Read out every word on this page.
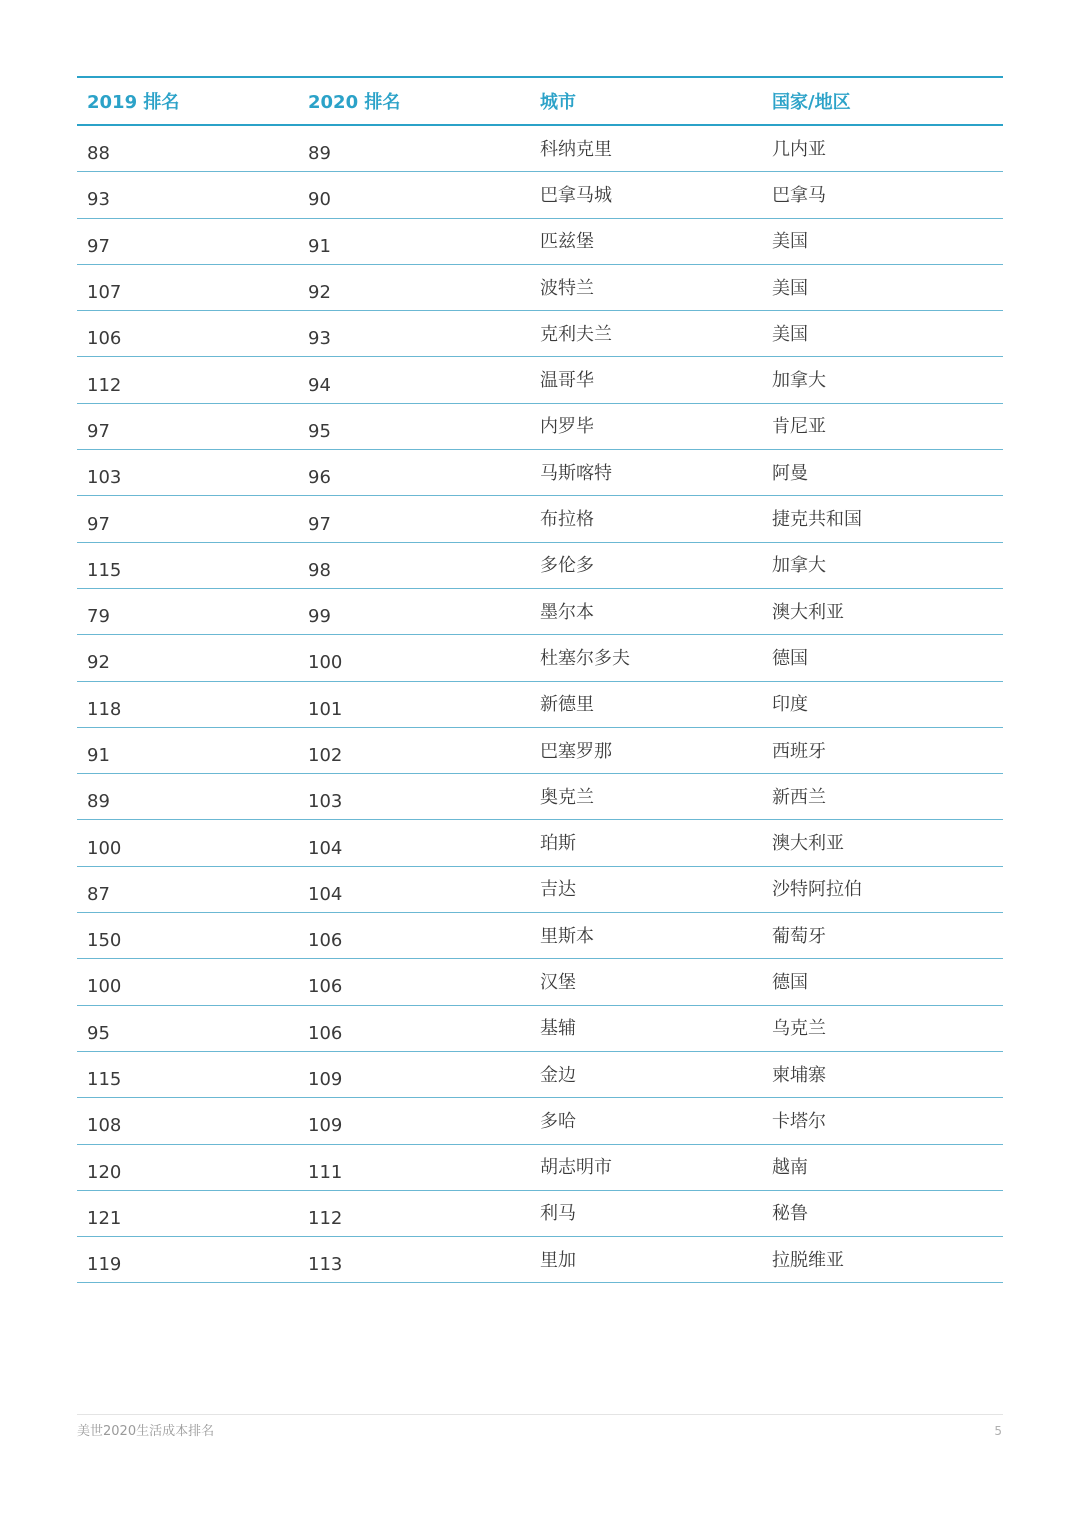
2019 排名	2020 排名	城市	国家/地区
88	89	科纳克里	几内亚
93	90	巴拿马城	巴拿马
97	91	匹兹堡	美国
107	92	波特兰	美国
106	93	克利夫兰	美国
112	94	温哥华	加拿大
97	95	内罗毕	肯尼亚
103	96	马斯喀特	阿曼
97	97	布拉格	捷克共和国
115	98	多伦多	加拿大
79	99	墨尔本	澳大利亚
92	100	杜塞尔多夫	德国
118	101	新德里	印度
91	102	巴塞罗那	西班牙
89	103	奥克兰	新西兰
100	104	珀斯	澳大利亚
87	104	吉达	沙特阿拉伯
150	106	里斯本	葡萄牙
100	106	汉堡	德国
95	106	基辅	乌克兰
115	109	金边	柬埔寨
108	109	多哈	卡塔尔
120	111	胡志明市	越南
121	112	利马	秘鲁
119	113	里加	拉脱维亚
美世2020生活成本排名	5
